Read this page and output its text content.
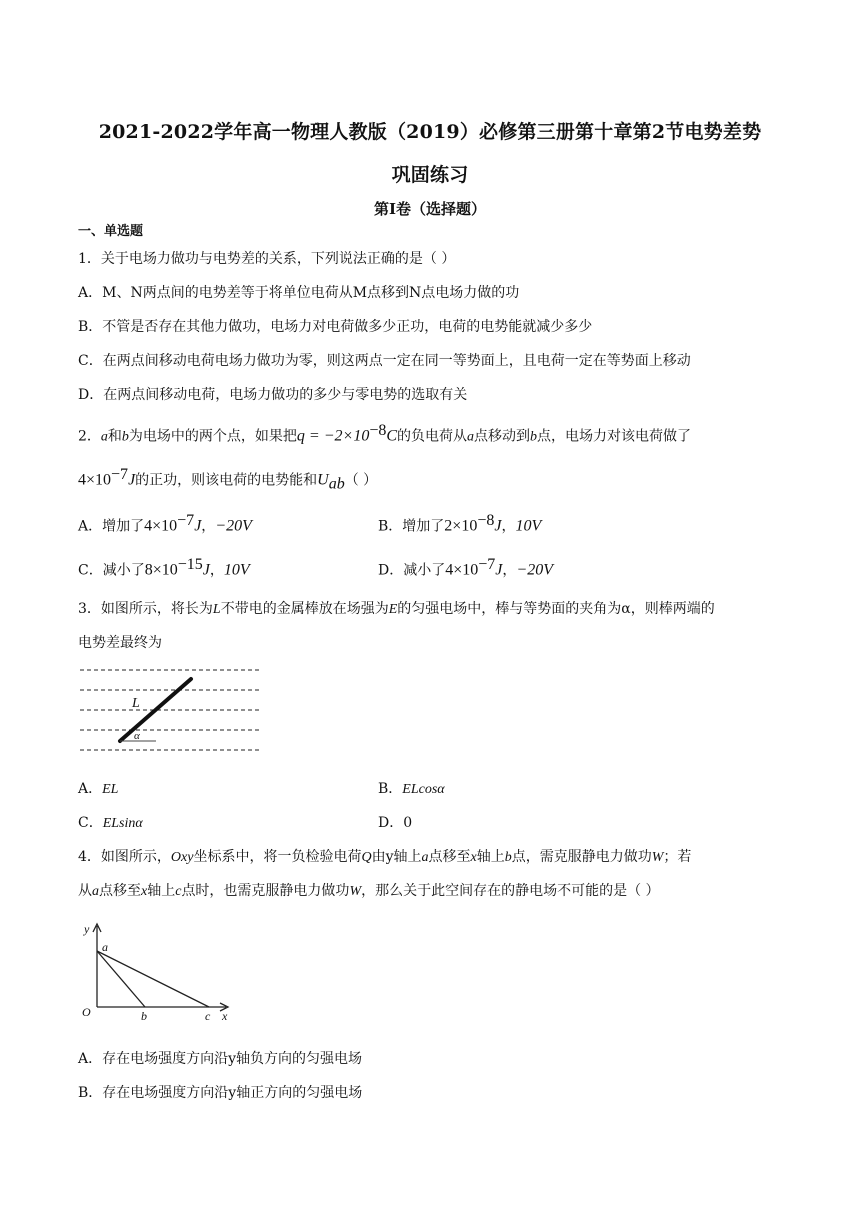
2021-2022学年高一物理人教版（2019）必修第三册第十章第2节电势差势
巩固练习
第Ⅰ卷（选择题）
一、单选题
1．关于电场力做功与电势差的关系，下列说法正确的是（ ）
A．M、N两点间的电势差等于将单位电荷从M点移到N点电场力做的功
B．不管是否存在其他力做功，电场力对电荷做多少正功，电荷的电势能就减少多少
C．在两点间移动电荷电场力做功为零，则这两点一定在同一等势面上，且电荷一定在等势面上移动
D．在两点间移动电荷，电场力做功的多少与零电势的选取有关
2．a和b为电场中的两个点，如果把$q = -2\times 10^{-8}C$的负电荷从a点移动到b点，电场力对该电荷做了
$4\times 10^{-7}J$的正功，则该电荷的电势能和$U_{ab}$（ ）
A．增加了$4\times 10^{-7}J$，−20V	B．增加了$2\times 10^{-8}J$，10V
C．减小了$8\times 10^{-15}J$，10V	D．减小了$4\times 10^{-7}J$，−20V
3．如图所示，将长为L不带电的金属棒放在场强为E的匀强电场中，棒与等势面的夹角为α，则棒两端的
电势差最终为
L
α
A．EL	B．ELcosα
C．ELsinα	D．0
4．如图所示，Oxy坐标系中，将一负检验电荷Q由y轴上a点移至x轴上b点，需克服静电力做功W；若
从a点移至x轴上c点时，也需克服静电力做功W，那么关于此空间存在的静电场不可能的是（ ）
y
a
O	b	c x
A．存在电场强度方向沿y轴负方向的匀强电场
B．存在电场强度方向沿y轴正方向的匀强电场
